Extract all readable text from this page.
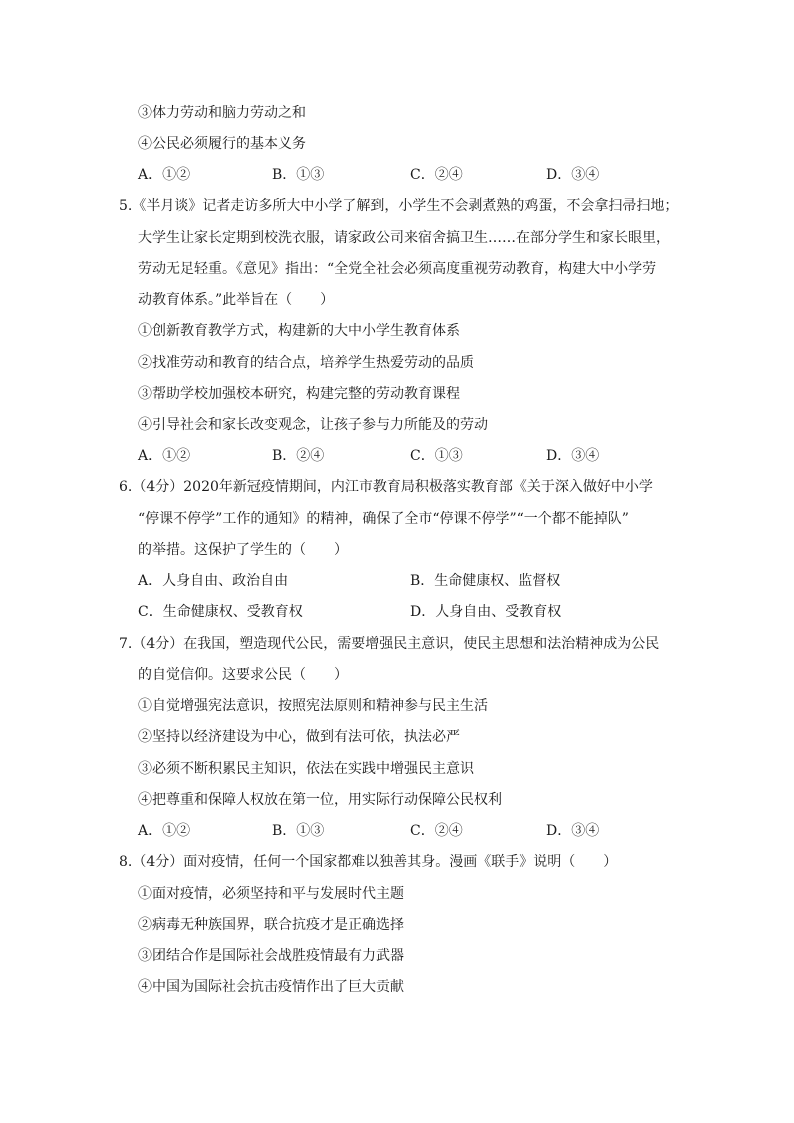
③体力劳动和脑力劳动之和
④公民必须履行的基本义务
A．①②	B．①③	C．②④	D．③④
5.《半月谈》记者走访多所大中小学了解到，小学生不会剥煮熟的鸡蛋，不会拿扫帚扫地；
大学生让家长定期到校洗衣服，请家政公司来宿舍搞卫生……在部分学生和家长眼里，
劳动无足轻重。《意见》指出：“全党全社会必须高度重视劳动教育，构建大中小学劳
动教育体系。”此举旨在（　　）
①创新教育教学方式，构建新的大中小学生教育体系
②找准劳动和教育的结合点，培养学生热爱劳动的品质
③帮助学校加强校本研究，构建完整的劳动教育课程
④引导社会和家长改变观念，让孩子参与力所能及的劳动
A．①②	B．②④	C．①③	D．③④
6.（4分）2020年新冠疫情期间，内江市教育局积极落实教育部《关于深入做好中小学
“停课不停学”工作的通知》的精神，确保了全市“停课不停学”“一个都不能掉队”
的举措。这保护了学生的（　　）
A．人身自由、政治自由	B．生命健康权、监督权
C．生命健康权、受教育权	D．人身自由、受教育权
7.（4分）在我国，塑造现代公民，需要增强民主意识，使民主思想和法治精神成为公民
的自觉信仰。这要求公民（　　）
①自觉增强宪法意识，按照宪法原则和精神参与民主生活
②坚持以经济建设为中心，做到有法可依，执法必严
③必须不断积累民主知识，依法在实践中增强民主意识
④把尊重和保障人权放在第一位，用实际行动保障公民权利
A．①②	B．①③	C．②④	D．③④
8.（4分）面对疫情，任何一个国家都难以独善其身。漫画《联手》说明（　　）
①面对疫情，必须坚持和平与发展时代主题
②病毒无种族国界，联合抗疫才是正确选择
③团结合作是国际社会战胜疫情最有力武器
④中国为国际社会抗击疫情作出了巨大贡献
